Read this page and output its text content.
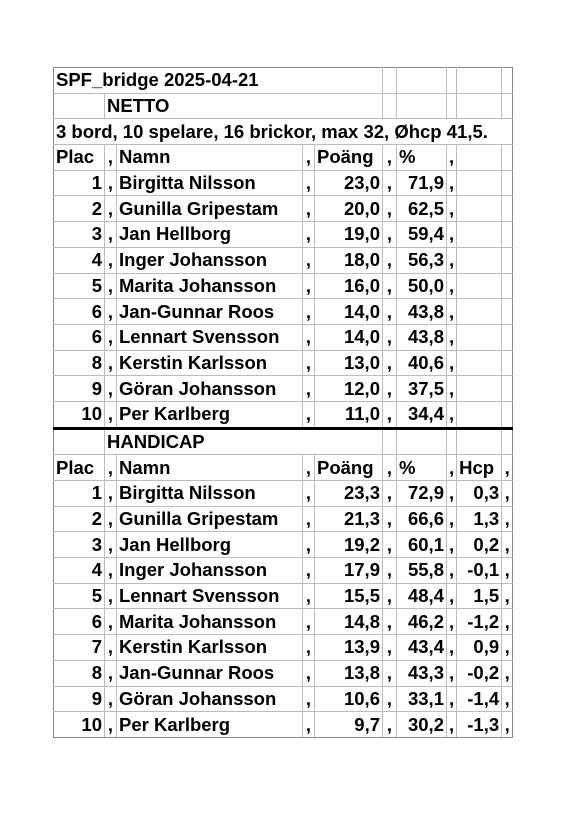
SPF_bridge 2025-04-21									
	NETTO								
3 bord, 10 spelare, 16 brickor, max 32, Øhcp 41,5.									
Plac	,	Namn	,	Poäng	,	%	,		
1	,	Birgitta Nilsson	,	23,0	,	71,9	,		
2	,	Gunilla Gripestam	,	20,0	,	62,5	,		
3	,	Jan Hellborg	,	19,0	,	59,4	,		
4	,	Inger Johansson	,	18,0	,	56,3	,		
5	,	Marita Johansson	,	16,0	,	50,0	,		
6	,	Jan-Gunnar Roos	,	14,0	,	43,8	,		
6	,	Lennart Svensson	,	14,0	,	43,8	,		
8	,	Kerstin Karlsson	,	13,0	,	40,6	,		
9	,	Göran Johansson	,	12,0	,	37,5	,		
10	,	Per Karlberg	,	11,0	,	34,4	,		
	HANDICAP								
Plac	,	Namn	,	Poäng	,	%	,	Hcp	,
1	,	Birgitta Nilsson	,	23,3	,	72,9	,	0,3	,
2	,	Gunilla Gripestam	,	21,3	,	66,6	,	1,3	,
3	,	Jan Hellborg	,	19,2	,	60,1	,	0,2	,
4	,	Inger Johansson	,	17,9	,	55,8	,	-0,1	,
5	,	Lennart Svensson	,	15,5	,	48,4	,	1,5	,
6	,	Marita Johansson	,	14,8	,	46,2	,	-1,2	,
7	,	Kerstin Karlsson	,	13,9	,	43,4	,	0,9	,
8	,	Jan-Gunnar Roos	,	13,8	,	43,3	,	-0,2	,
9	,	Göran Johansson	,	10,6	,	33,1	,	-1,4	,
10	,	Per Karlberg	,	9,7	,	30,2	,	-1,3	,
